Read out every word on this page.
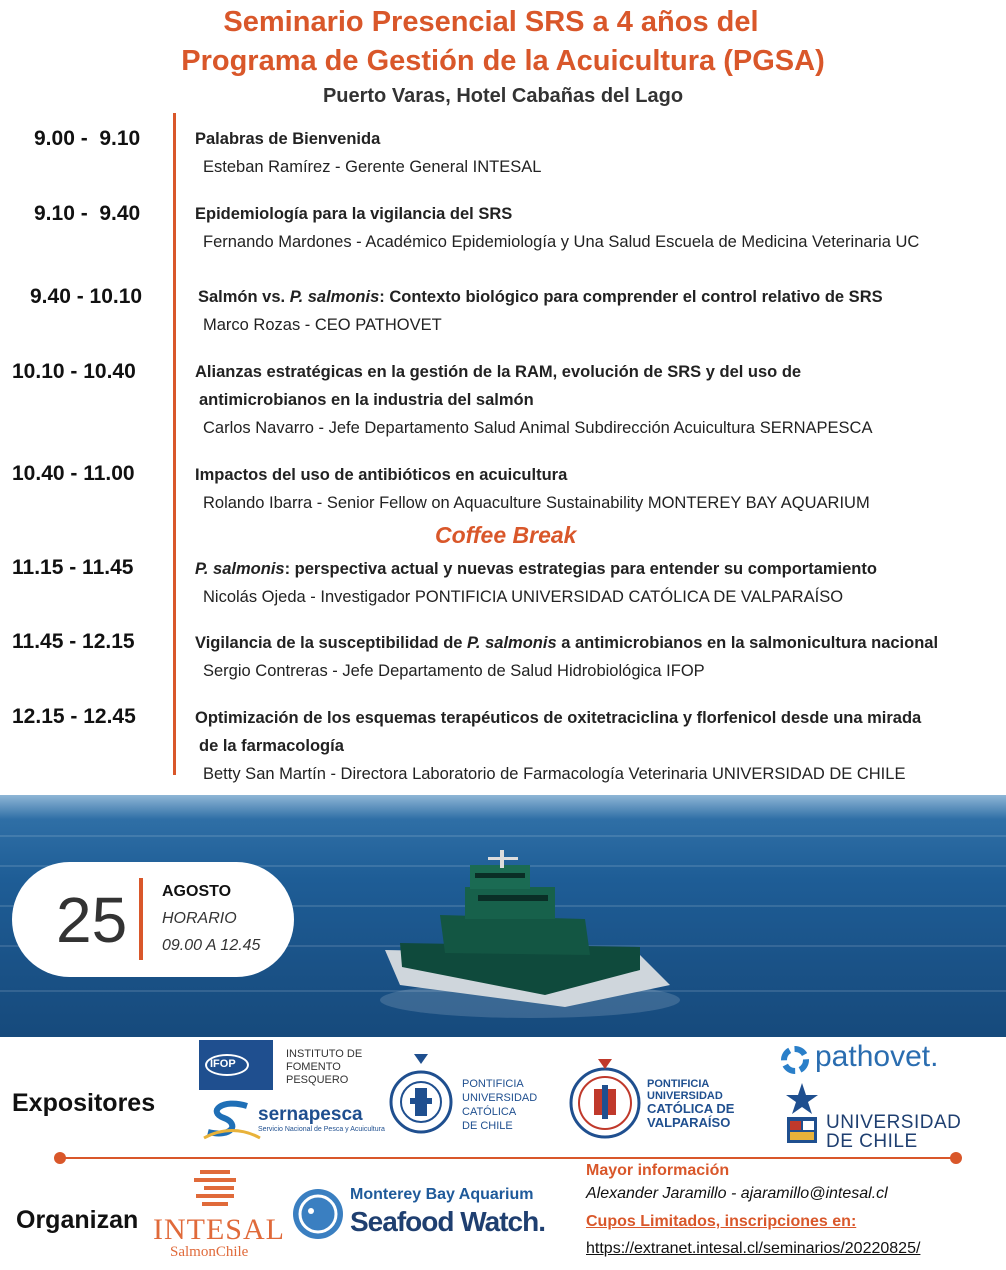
Seminario Presencial SRS a 4 años del
Programa de Gestión de la Acuicultura (PGSA)
Puerto Varas, Hotel Cabañas del Lago
9.00 -  9.10	Palabras de Bienvenida
Esteban Ramírez - Gerente General INTESAL
9.10 -  9.40	Epidemiología para la vigilancia del SRS
Fernando Mardones - Académico Epidemiología y Una Salud Escuela de Medicina Veterinaria UC
9.40 - 10.10	Salmón vs. P. salmonis: Contexto biológico para comprender el control relativo de SRS
Marco Rozas - CEO PATHOVET
10.10 - 10.40	Alianzas estratégicas en la gestión de la RAM, evolución de SRS y del uso de
antimicrobianos en la industria del salmón
Carlos Navarro - Jefe Departamento Salud Animal Subdirección Acuicultura SERNAPESCA
10.40 - 11.00	Impactos del uso de antibióticos en acuicultura
Rolando Ibarra - Senior Fellow on Aquaculture Sustainability MONTEREY BAY AQUARIUM
Coffee Break
11.15 - 11.45	P. salmonis: perspectiva actual y nuevas estrategias para entender su comportamiento
Nicolás Ojeda - Investigador PONTIFICIA UNIVERSIDAD CATÓLICA DE VALPARAÍSO
11.45 - 12.15	Vigilancia de la susceptibilidad de P. salmonis a antimicrobianos en la salmonicultura nacional
Sergio Contreras - Jefe Departamento de Salud Hidrobiológica IFOP
12.15 - 12.45	Optimización de los esquemas terapéuticos de oxitetraciclina y florfenicol desde una mirada
de la farmacología
Betty San Martín - Directora Laboratorio de Farmacología Veterinaria UNIVERSIDAD DE CHILE
25 AGOSTO
HORARIO
09.00 A 12.45
Expositores
IFOP
INSTITUTO DE
FOMENTO
PESQUERO
sernapesca
Servicio Nacional de Pesca y Acuicultura
PONTIFICIA
UNIVERSIDAD
CATÓLICA
DE CHILE
PONTIFICIA
UNIVERSIDAD
CATÓLICA DE
VALPARAÍSO
pathovet.
UNIVERSIDAD
DE CHILE
Organizan INTESAL
SalmonChile
Monterey Bay Aquarium
Seafood Watch.
Mayor información
Alexander Jaramillo - ajaramillo@intesal.cl
Cupos Limitados, inscripciones en:
https://extranet.intesal.cl/seminarios/20220825/
